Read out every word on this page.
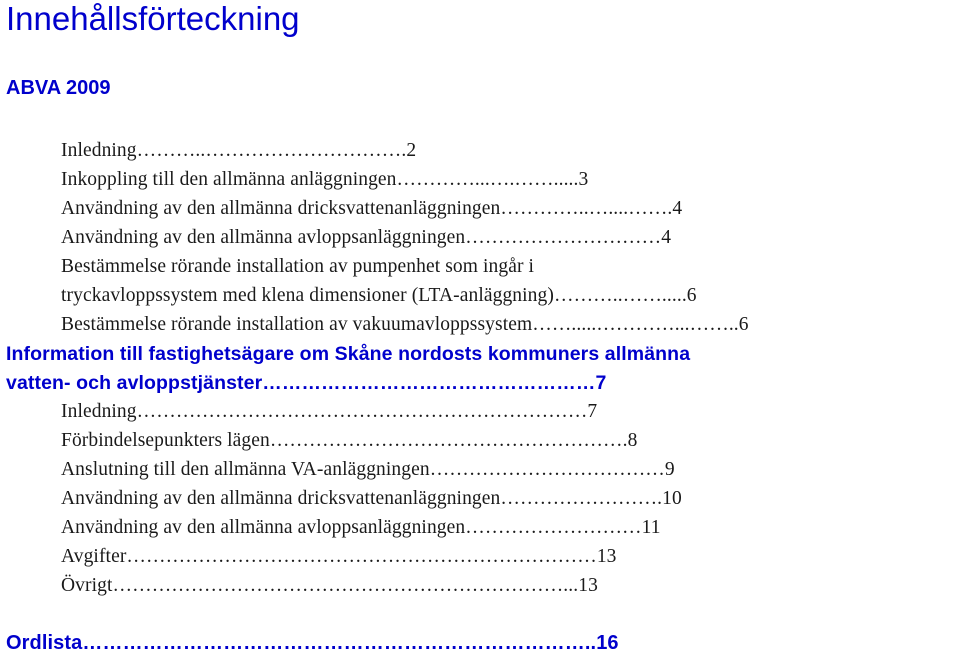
Innehållsförteckning
ABVA 2009
Inledning………..………………………….2
Inkoppling till den allmänna anläggningen…………...….…….....3
Användning av den allmänna dricksvattenanläggningen…………..…....…….4
Användning av den allmänna avloppsanläggningen…………………………4
Bestämmelse rörande installation av pumpenhet som ingår i
tryckavloppssystem med klena dimensioner (LTA-anläggning)………..…….....6
Bestämmelse rörande installation av vakuumavloppssystem…….....…………...……..6
Information till fastighetsägare om Skåne nordosts kommuners allmänna
vatten- och avloppstjänster……………………………………………7
Inledning……………………………………………………………7
Förbindelsepunkters lägen……………………………………………….8
Anslutning till den allmänna VA-anläggningen………………………………9
Användning av den allmänna dricksvattenanläggningen…………………….10
Användning av den allmänna avloppsanläggningen………………………11
Avgifter………………………………………………………………13
Övrigt……………………………………………………………...13
Ordlista…………………………………………………………………..16
